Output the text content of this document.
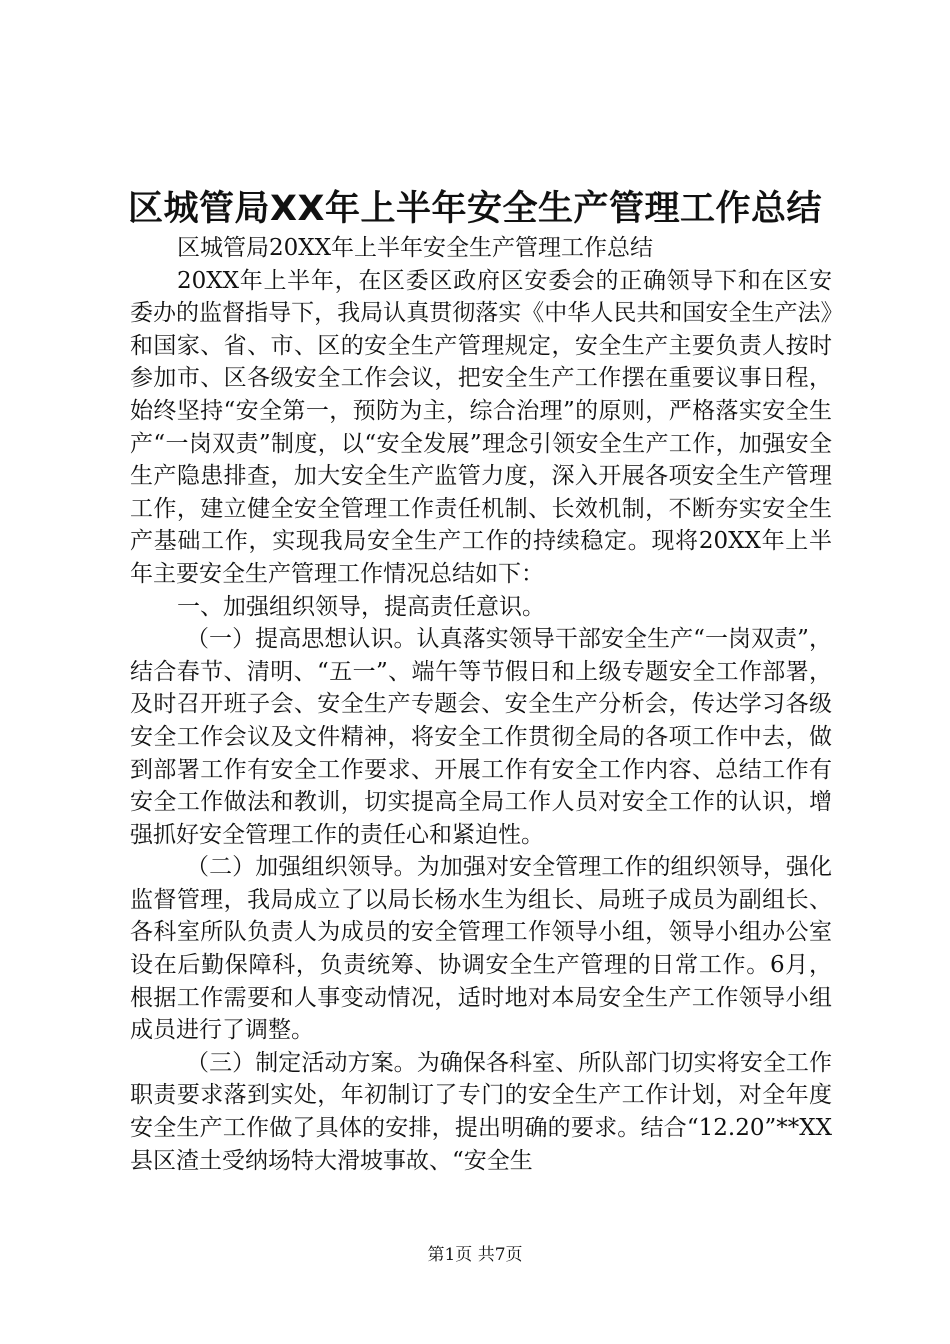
区城管局XX年上半年安全生产管理工作总结

区城管局20XX年上半年安全生产管理工作总结

20XX年上半年，在区委区政府区安委会的正确领导下和在区安委办的监督指导下，我局认真贯彻落实《中华人民共和国安全生产法》和国家、省、市、区的安全生产管理规定，安全生产主要负责人按时参加市、区各级安全工作会议，把安全生产工作摆在重要议事日程，始终坚持“安全第一，预防为主，综合治理”的原则，严格落实安全生产“一岗双责”制度，以“安全发展”理念引领安全生产工作，加强安全生产隐患排查，加大安全生产监管力度，深入开展各项安全生产管理工作，建立健全安全管理工作责任机制、长效机制，不断夯实安全生产基础工作，实现我局安全生产工作的持续稳定。现将20XX年上半年主要安全生产管理工作情况总结如下：

一、加强组织领导，提高责任意识。

（一）提高思想认识。认真落实领导干部安全生产“一岗双责”，结合春节、清明、“五一”、端午等节假日和上级专题安全工作部署，及时召开班子会、安全生产专题会、安全生产分析会，传达学习各级安全工作会议及文件精神，将安全工作贯彻全局的各项工作中去，做到部署工作有安全工作要求、开展工作有安全工作内容、总结工作有安全工作做法和教训，切实提高全局工作人员对安全工作的认识，增强抓好安全管理工作的责任心和紧迫性。

（二）加强组织领导。为加强对安全管理工作的组织领导，强化监督管理，我局成立了以局长杨水生为组长、局班子成员为副组长、各科室所队负责人为成员的安全管理工作领导小组，领导小组办公室设在后勤保障科，负责统筹、协调安全生产管理的日常工作。6月，根据工作需要和人事变动情况，适时地对本局安全生产工作领导小组成员进行了调整。

（三）制定活动方案。为确保各科室、所队部门切实将安全工作职责要求落到实处，年初制订了专门的安全生产工作计划，对全年度安全生产工作做了具体的安排，提出明确的要求。结合“12.20”**XX县区渣土受纳场特大滑坡事故、“安全生

第1页 共7页
